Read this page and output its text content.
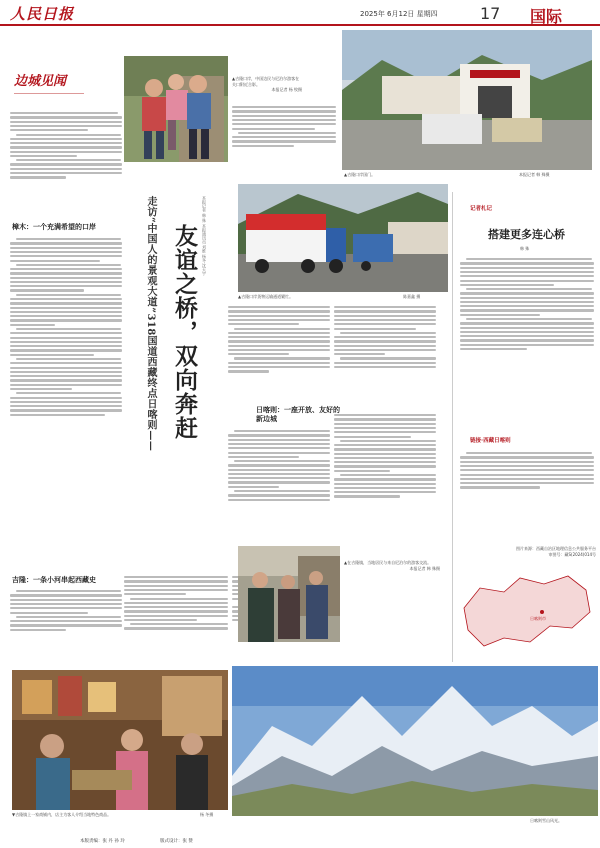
人民日报	2025年 6月12日 星期四	17 国际
边城见闻
樟木：一个充满希望的口岸
吉隆：一条小河串起西藏史
▲吉隆口岸，中国边民与尼泊尔游客在关口附近合影。
本报记者 杨 牧摄
▲吉隆口岸国门。	本报记者 韩 殊摄
▲吉隆口岸货物运输通道繁忙。	陈嘉鑫 摄
走访“中国人的景观大道”318国道西藏终点日喀则—— 友谊之桥，双向奔赶 本报记者 韩 殊 本报通讯员 刘维 杨冬 沈天宇
日喀则：一座开放、友好的新边城
▲在吉隆镇，当地居民与来自尼泊尔的游客交流。
本报记者 韩 殊摄
日喀则雪山风光。
▼吉隆镇上一家商铺内，店主为客人介绍当地特色商品。	杨 冬摄
记者札记
搭建更多连心桥
韩 殊
链接·西藏日喀则
图片来源：西藏自治区地理信息公共服务平台
审图号：藏S(2024)014号
日喀则市
本版责编：张 丹 孙 玲	版式设计：张 赞
